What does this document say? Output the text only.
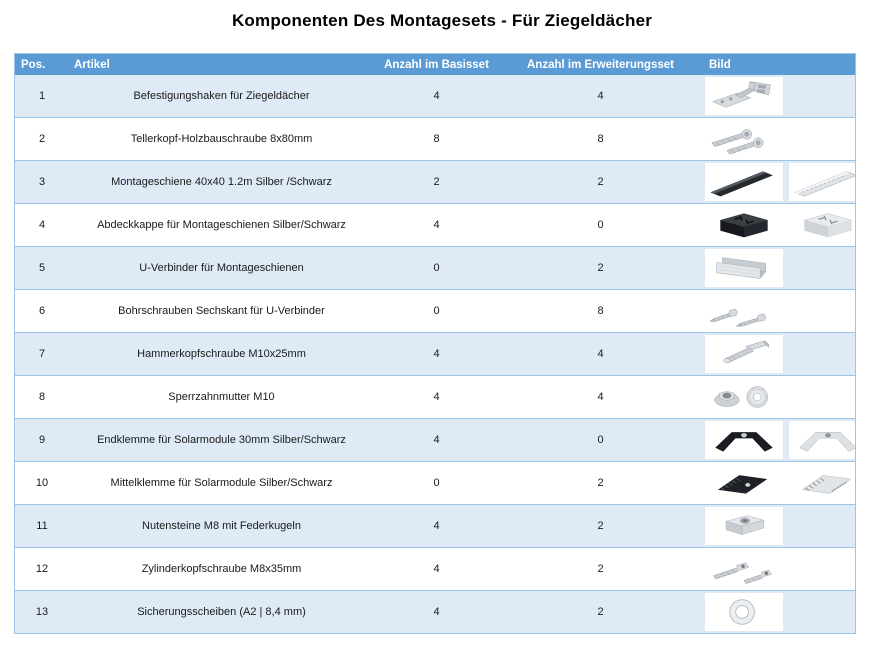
Komponenten Des Montagesets - Für Ziegeldächer
Pos.	Artikel	Anzahl im Basisset	Anzahl im Erweiterungsset	Bild
1	Befestigungshaken für Ziegeldächer	4	4	

2	Tellerkopf-Holzbauschraube 8x80mm	8	8	

3	Montageschiene 40x40 1.2m Silber /Schwarz	2	2	

4	Abdeckkappe für Montageschienen Silber/Schwarz	4	0	

5	U-Verbinder für Montageschienen	0	2	

6	Bohrschrauben Sechskant für U-Verbinder	0	8	

7	Hammerkopfschraube M10x25mm	4	4	

8	Sperrzahnmutter M10	4	4	

9	Endklemme für Solarmodule 30mm Silber/Schwarz	4	0	

10	Mittelklemme für Solarmodule Silber/Schwarz	0	2	

11	Nutensteine M8 mit Federkugeln	4	2	

12	Zylinderkopfschraube M8x35mm	4	2	

13	Sicherungsscheiben (A2 | 8,4 mm)	4	2	
